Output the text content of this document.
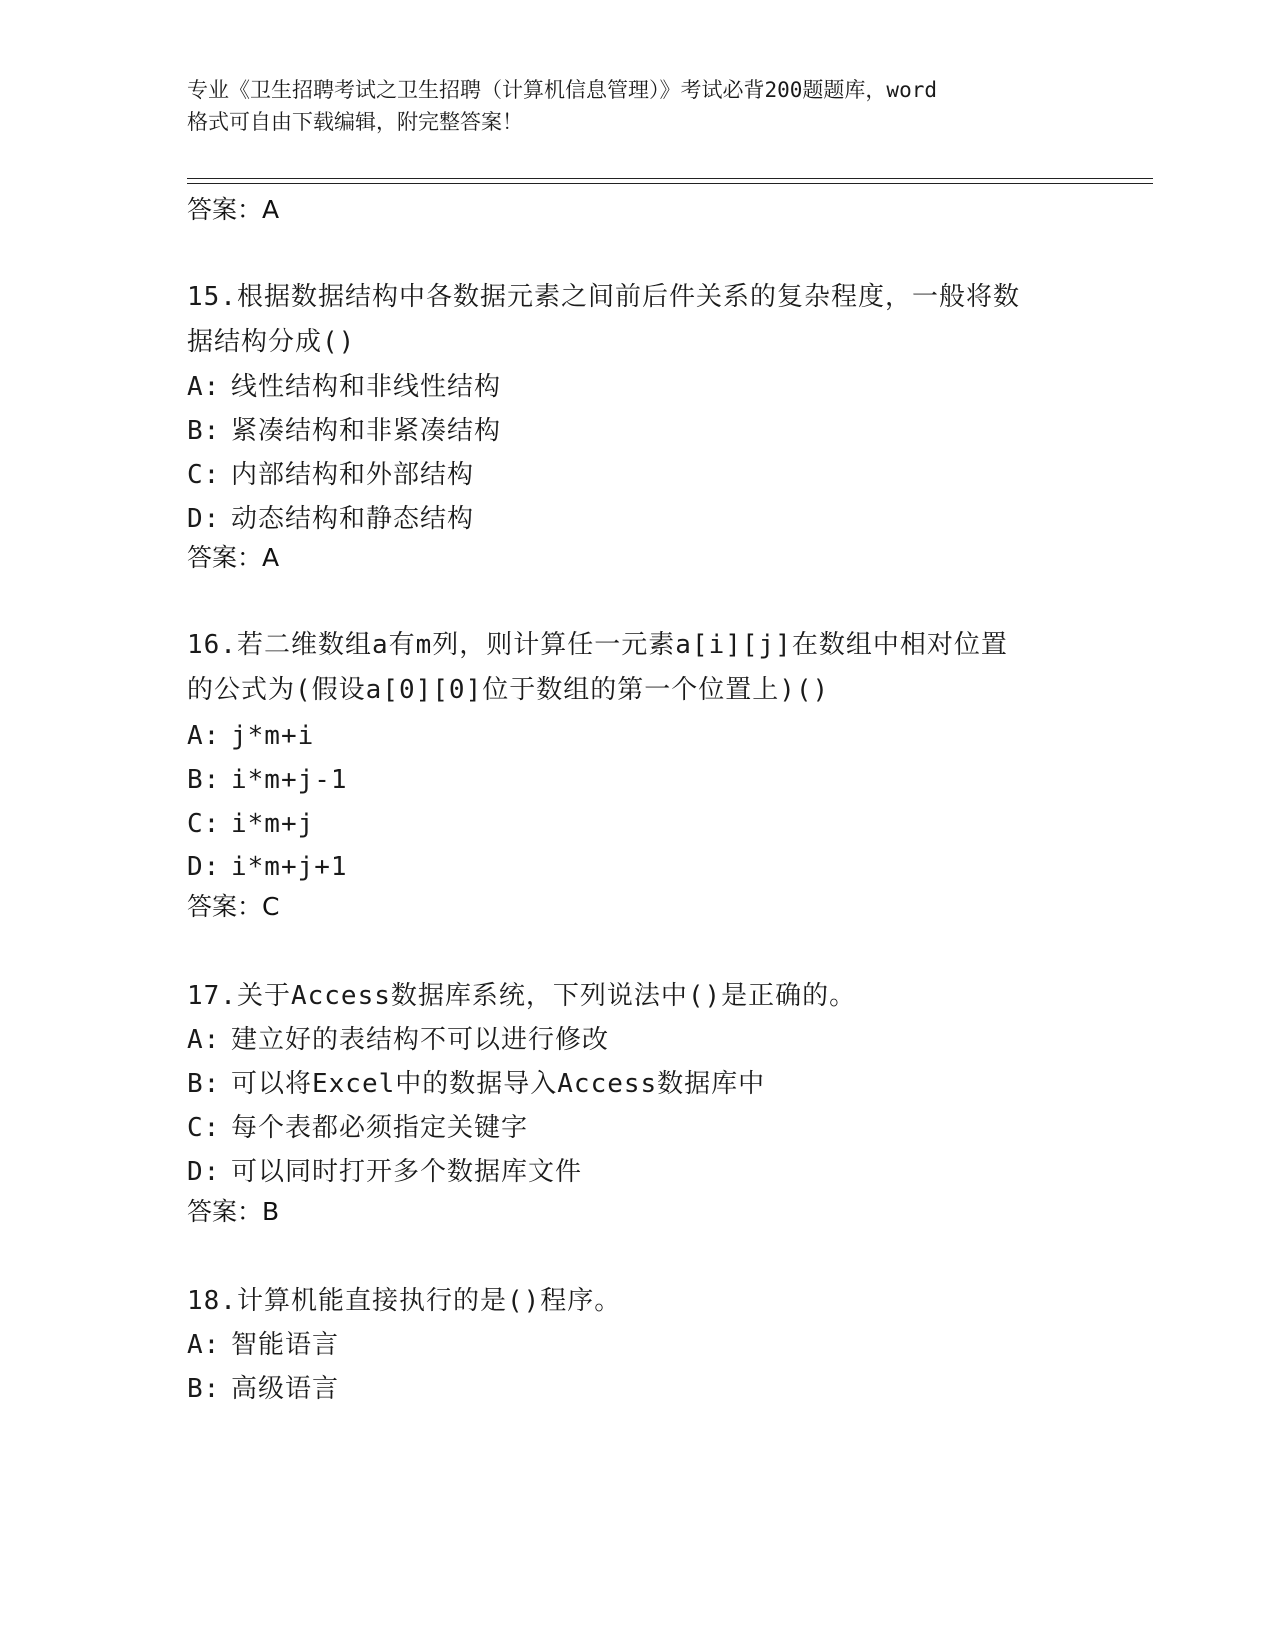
专业《卫生招聘考试之卫生招聘（计算机信息管理）》考试必背200题题库，word
格式可自由下载编辑，附完整答案！
答案：A
15.根据数据结构中各数据元素之间前后件关系的复杂程度，一般将数
据结构分成()
A: 线性结构和非线性结构
B: 紧凑结构和非紧凑结构
C: 内部结构和外部结构
D: 动态结构和静态结构
答案：A
16.若二维数组a有m列，则计算任一元素a[i][j]在数组中相对位置
的公式为(假设a[0][0]位于数组的第一个位置上)()
A: j*m+i
B: i*m+j-1
C: i*m+j
D: i*m+j+1
答案：C
17.关于Access数据库系统，下列说法中()是正确的。
A: 建立好的表结构不可以进行修改
B: 可以将Excel中的数据导入Access数据库中
C: 每个表都必须指定关键字
D: 可以同时打开多个数据库文件
答案：B
18.计算机能直接执行的是()程序。
A: 智能语言
B: 高级语言
